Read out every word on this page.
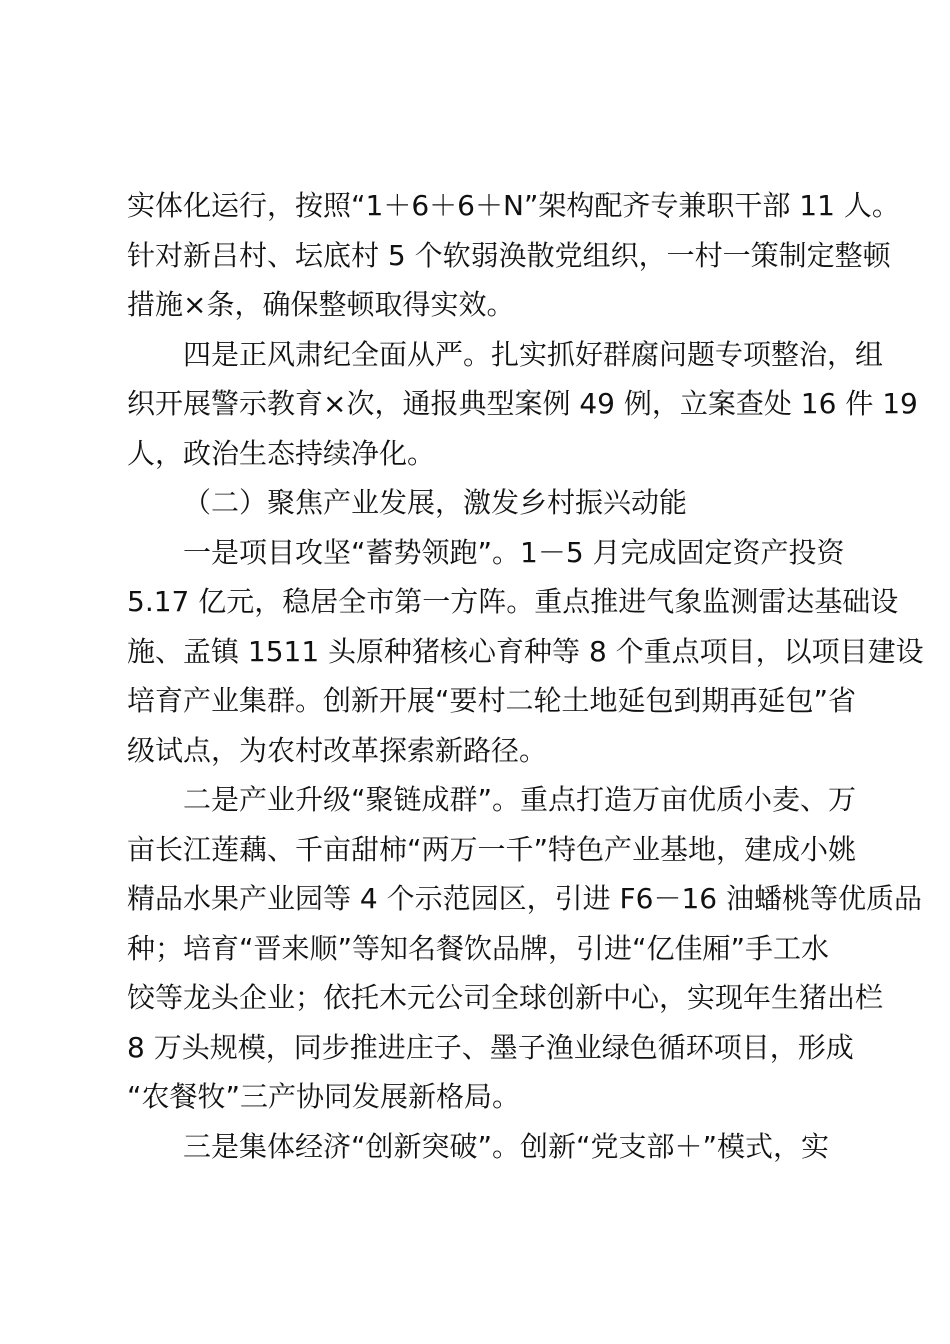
实体化运行，按照“1＋6＋6＋N”架构配齐专兼职干部 11 人。
针对新吕村、坛底村 5 个软弱涣散党组织，一村一策制定整顿
措施×条，确保整顿取得实效。
四是正风肃纪全面从严。扎实抓好群腐问题专项整治，组
织开展警示教育×次，通报典型案例 49 例，立案查处 16 件 19
人，政治生态持续净化。
（二）聚焦产业发展，激发乡村振兴动能
一是项目攻坚“蓄势领跑”。1－5 月完成固定资产投资
5.17 亿元，稳居全市第一方阵。重点推进气象监测雷达基础设
施、孟镇 1511 头原种猪核心育种等 8 个重点项目，以项目建设
培育产业集群。创新开展“要村二轮土地延包到期再延包”省
级试点，为农村改革探索新路径。
二是产业升级“聚链成群”。重点打造万亩优质小麦、万
亩长江莲藕、千亩甜柿“两万一千”特色产业基地，建成小姚
精品水果产业园等 4 个示范园区，引进 F6－16 油蟠桃等优质品
种；培育“晋来顺”等知名餐饮品牌，引进“亿佳厢”手工水
饺等龙头企业；依托木元公司全球创新中心，实现年生猪出栏
8 万头规模，同步推进庄子、墨子渔业绿色循环项目，形成
“农餐牧”三产协同发展新格局。
三是集体经济“创新突破”。创新“党支部＋”模式，实
